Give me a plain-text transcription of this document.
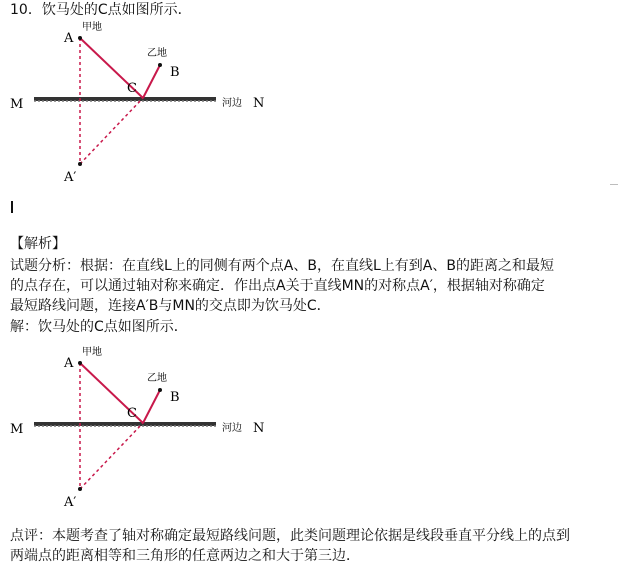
10．饮马处的C点如图所示．
A
甲地
乙地
B
C
M	河边 N
A′
【解析】
试题分析：根据：在直线L上的同侧有两个点A、B，在直线L上有到A、B的距离之和最短
的点存在，可以通过轴对称来确定．作出点A关于直线MN的对称点A′，根据轴对称确定
最短路线问题，连接A′B与MN的交点即为饮马处C．
解：饮马处的C点如图所示．
A
甲地
乙地
B
C
M	河边 N
A′
点评：本题考查了轴对称确定最短路线问题，此类问题理论依据是线段垂直平分线上的点到
两端点的距离相等和三角形的任意两边之和大于第三边．
